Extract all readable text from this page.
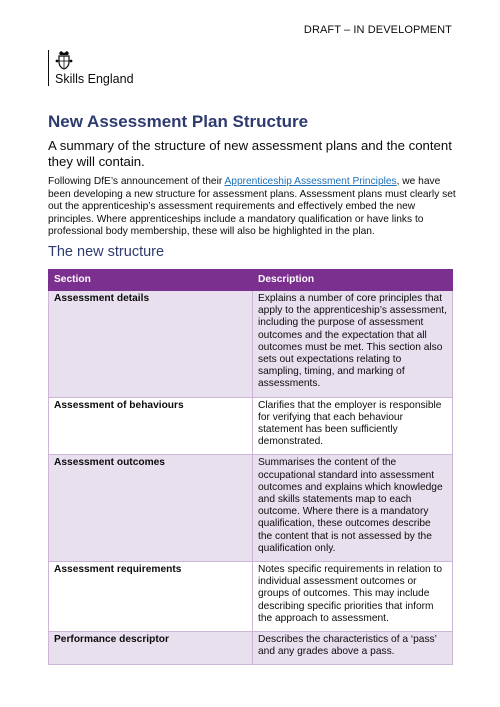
DRAFT – IN DEVELOPMENT
Skills England
New Assessment Plan Structure

A summary of the structure of new assessment plans and the content they will contain.

Following DfE’s announcement of their Apprenticeship Assessment Principles, we have been developing a new structure for assessment plans. Assessment plans must clearly set out the apprenticeship’s assessment requirements and effectively embed the new principles. Where apprenticeships include a mandatory qualification or have links to professional body membership, these will also be highlighted in the plan.

The new structure
Section	Description
Assessment details	Explains a number of core principles that apply to the apprenticeship’s assessment, including the purpose of assessment outcomes and the expectation that all outcomes must be met. This section also sets out expectations relating to sampling, timing, and marking of assessments.
Assessment of behaviours	Clarifies that the employer is responsible for verifying that each behaviour statement has been sufficiently demonstrated.
Assessment outcomes	Summarises the content of the occupational standard into assessment outcomes and explains which knowledge and skills statements map to each outcome. Where there is a mandatory qualification, these outcomes describe the content that is not assessed by the qualification only.
Assessment requirements	Notes specific requirements in relation to individual assessment outcomes or groups of outcomes. This may include describing specific priorities that inform the approach to assessment.
Performance descriptor	Describes the characteristics of a ‘pass’ and any grades above a pass.
